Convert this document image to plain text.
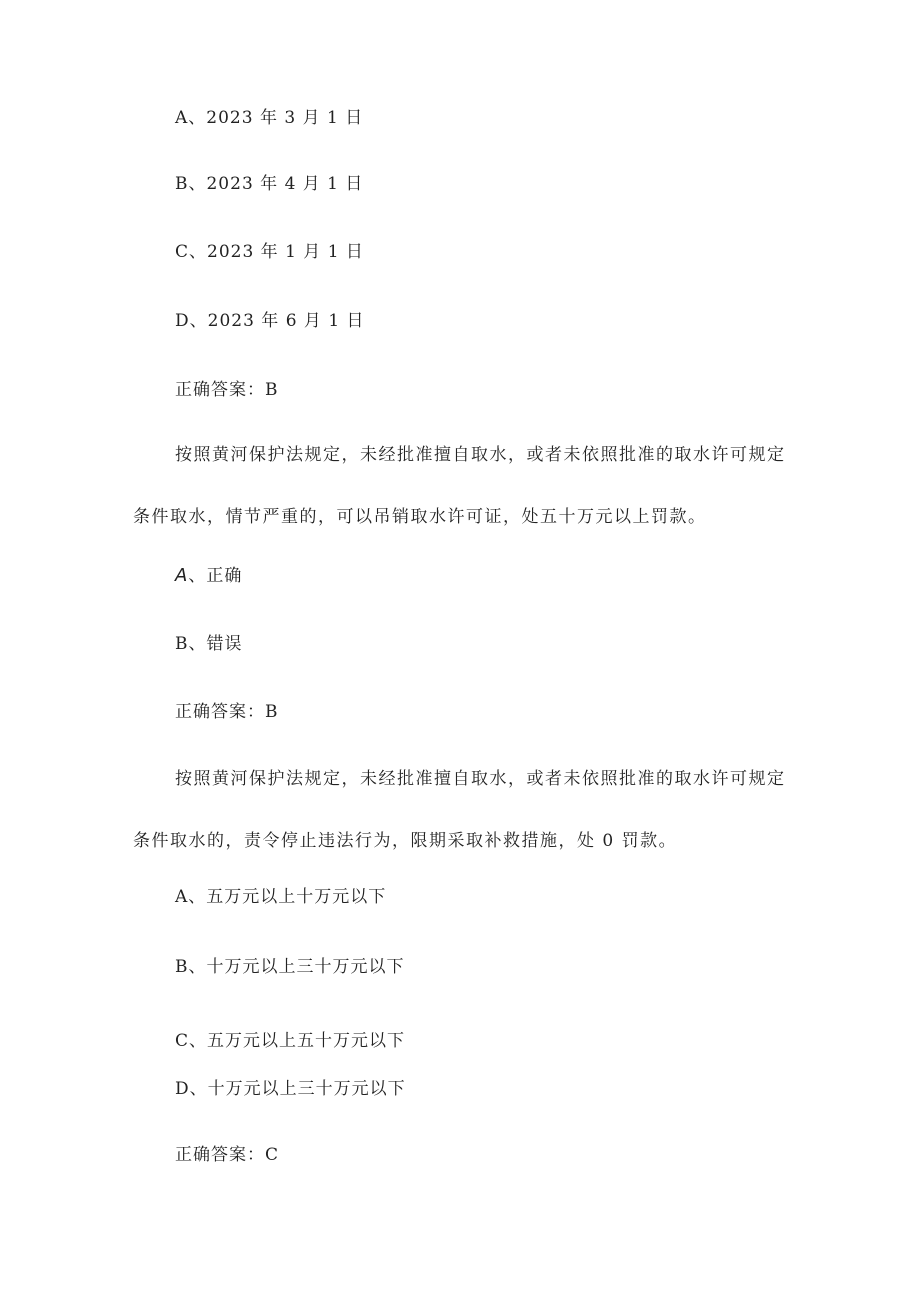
A、2023 年 3 月 1 日
B、2023 年 4 月 1 日
C、2023 年 1 月 1 日
D、2023 年 6 月 1 日
正确答案：B
按照黄河保护法规定，未经批准擅自取水，或者未依照批准的取水许可规定
条件取水，情节严重的，可以吊销取水许可证，处五十万元以上罚款。
A、正确
B、错误
正确答案：B
按照黄河保护法规定，未经批准擅自取水，或者未依照批准的取水许可规定
条件取水的，责令停止违法行为，限期采取补救措施，处 0 罚款。
A、五万元以上十万元以下
B、十万元以上三十万元以下
C、五万元以上五十万元以下
D、十万元以上三十万元以下
正确答案：C
